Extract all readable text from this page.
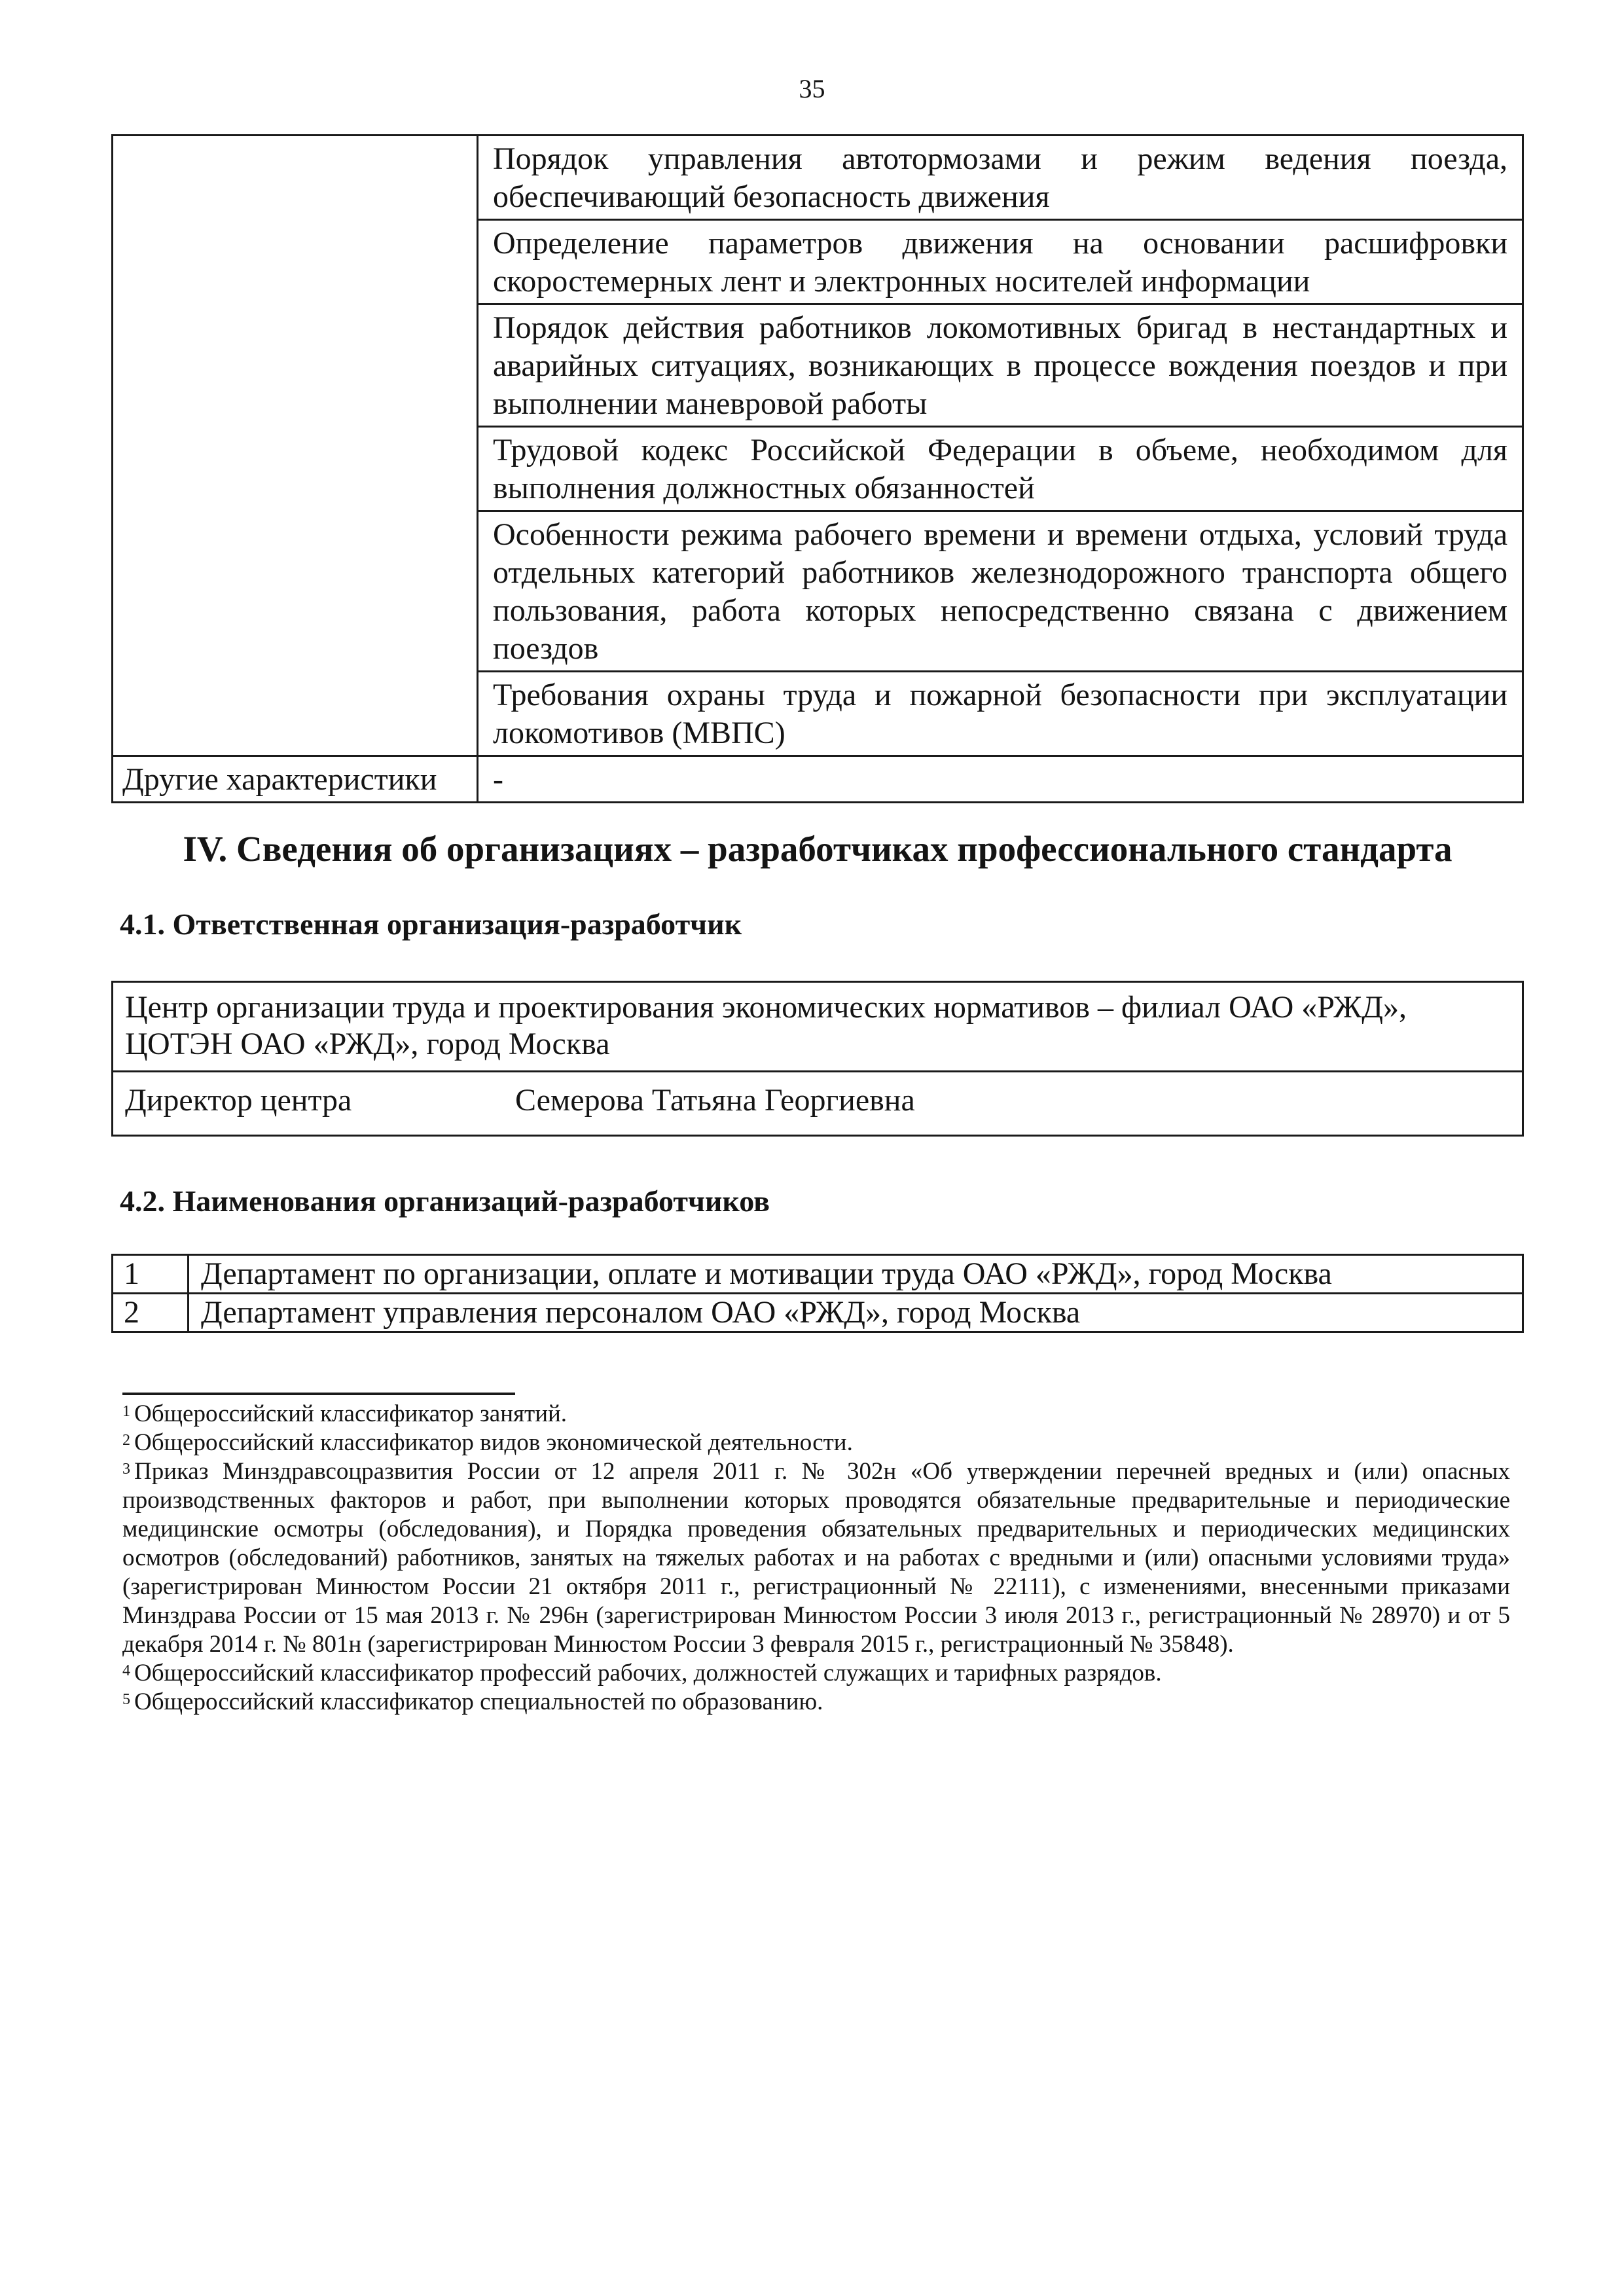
35
	Порядок управления автотормозами и режим ведения поезда, обеспечивающий безопасность движения
	Определение параметров движения на основании расшифровки скоростемерных лент и электронных носителей информации
	Порядок действия работников локомотивных бригад в нестандартных и аварийных ситуациях, возникающих в процессе вождения поездов и при выполнении маневровой работы
	Трудовой кодекс Российской Федерации в объеме, необходимом для выполнения должностных обязанностей
	Особенности режима рабочего времени и времени отдыха, условий труда отдельных категорий работников железнодорожного транспорта общего пользования, работа которых непосредственно связана с движением поездов
	Требования охраны труда и пожарной безопасности при эксплуатации локомотивов (МВПС)
Другие характеристики	-
IV. Сведения об организациях – разработчиках профессионального стандарта
4.1. Ответственная организация-разработчик
Центр организации труда и проектирования экономических нормативов – филиал ОАО «РЖД», ЦОТЭН ОАО «РЖД», город Москва
Директор центра	Семерова Татьяна Георгиевна
4.2. Наименования организаций-разработчиков
1	Департамент по организации, оплате и мотивации труда ОАО «РЖД», город Москва
2	Департамент управления персоналом ОАО «РЖД», город Москва

$^1$ Общероссийский классификатор занятий.

$^2$ Общероссийский классификатор видов экономической деятельности.

$^3$ Приказ Минздравсоцразвития России от 12 апреля 2011 г. № 302н «Об утверждении перечней вредных и (или) опасных производственных факторов и работ, при выполнении которых проводятся обязательные предварительные и периодические медицинские осмотры (обследования), и Порядка проведения обязательных предварительных и периодических медицинских осмотров (обследований) работников, занятых на тяжелых работах и на работах с вредными и (или) опасными условиями труда» (зарегистрирован Минюстом России 21 октября 2011 г., регистрационный № 22111), с изменениями, внесенными приказами Минздрава России от 15 мая 2013 г. № 296н (зарегистрирован Минюстом России 3 июля 2013 г., регистрационный № 28970) и от 5 декабря 2014 г. № 801н (зарегистрирован Минюстом России 3 февраля 2015 г., регистрационный № 35848).

$^4$ Общероссийский классификатор профессий рабочих, должностей служащих и тарифных разрядов.

$^5$ Общероссийский классификатор специальностей по образованию.
